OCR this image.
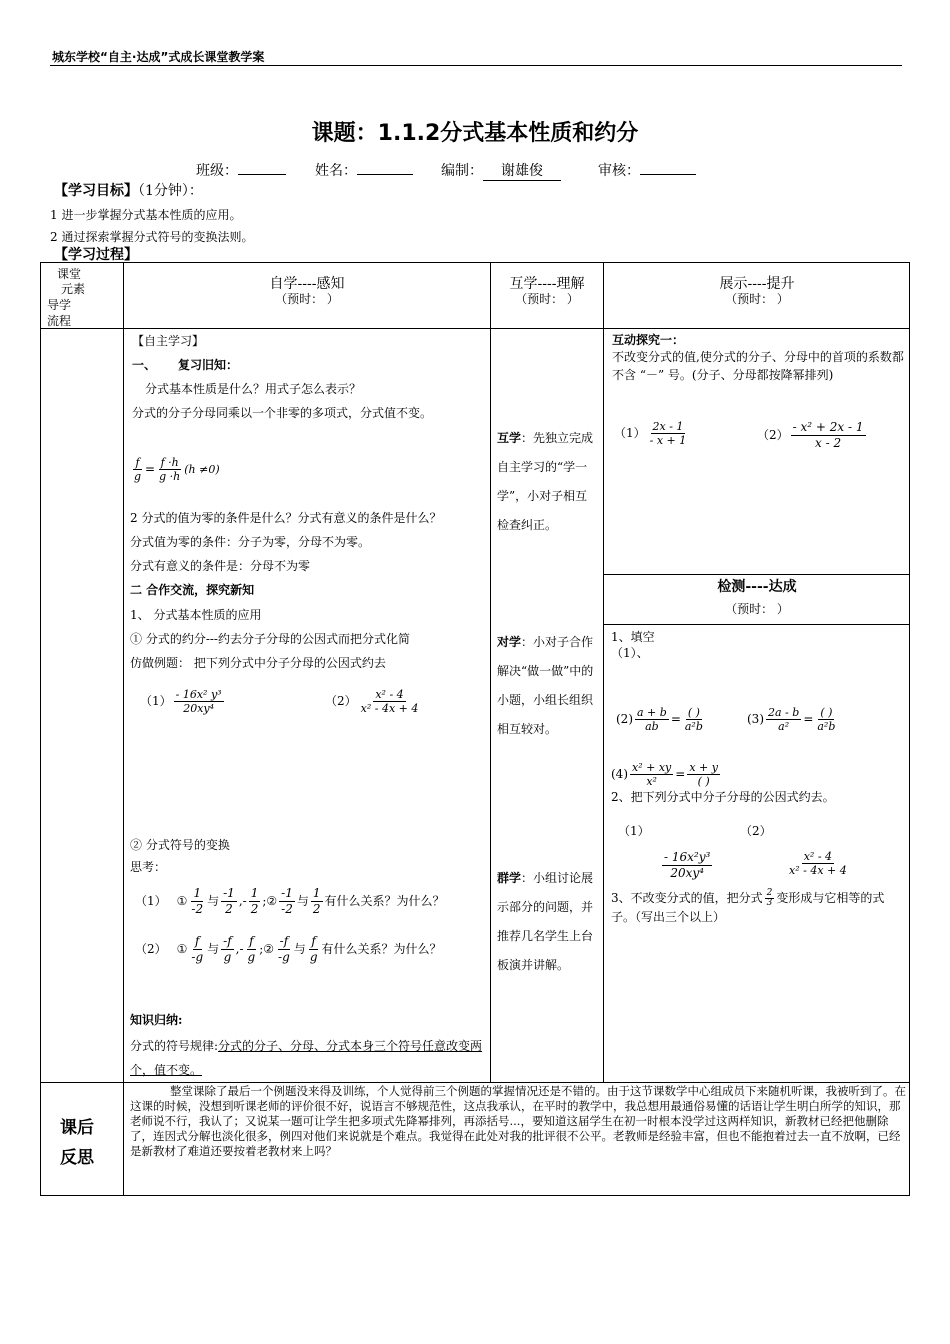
城东学校“自主·达成”式成长课堂教学案
课题：1.1.2分式基本性质和约分
班级：	姓名：	编制： 谢雄俊	审核：
【学习目标】（1分钟）：
1 进一步掌握分式基本性质的应用。
2 通过探索掌握分式符号的变换法则。
【学习过程】
课堂
元素
导学
流程
自学----感知
（预时： ）
互学----理解
（预时： ）
展示----提升
（预时： ）
【自主学习】
一、 复习旧知：
分式基本性质是什么？用式子怎么表示？
分式的分子分母同乘以一个非零的多项式，分式值不变。
$\frac{f}{g} = \frac{f \cdot h}{g \cdot h} (h \ne 0)$
2 分式的值为零的条件是什么？分式有意义的条件是什么？
分式值为零的条件：分子为零，分母不为零。
分式有意义的条件是：分母不为零
二 合作交流，探究新知
1、 分式基本性质的应用
① 分式的约分---约去分子分母的公因式而把分式化简
仿做例题： 把下列分式中分子分母的公因式约去
$(1) \frac{\text{- 16x² y³}}{\text{20xy⁴}}$	$(2) \frac{\text{x² - 4}}{\text{x² - 4x + 4}}$
② 分式符号的变换
思考：
（1） ① $\frac{1}{-2}$ 与 $\frac{-1}{2}$ ,- $\frac{1}{2}$ ;② $\frac{-1}{-2}$ 与 $\frac{1}{2}$ 有什么关系？为什么？
（2） ① $\frac{f}{-g}$ 与 $\frac{-f}{g}$ ,- $\frac{f}{g}$ ;② $\frac{-f}{-g}$ 与 $\frac{f}{g}$ 有什么关系？为什么？
知识归纳:
分式的符号规律:分式的分子、分母、分式本身三个符号任意改变两个，值不变。
互学：先独立完成自主学习的“学一学”，小对子相互检查纠正。
对学：小对子合作解决“做一做”中的小题，小组长组织相互较对。
群学：小组讨论展示部分的问题，并推荐几名学生上台板演并讲解。
互动探究一：
不改变分式的值,使分式的分子、分母中的首项的系数都不含 “－” 号。(分子、分母都按降幂排列)
$(1) \frac{2x - 1}{- x + 1}$	$(2) \frac{\text{- x² + 2x - 1}}{x - 2}$
检测----达成
（预时： ）
1、填空
（1）、
$(2) \frac{a + b}{ab} = \frac{( )}{\text{a²b}}$	$(3) \frac{2a - b}{\text{a²}} = \frac{( )}{\text{a²b}}$
$(4) \frac{\text{x² + xy}}{\text{x²}} = \frac{x + y}{( )}$
2、把下列分式中分子分母的公因式约去。
（1）	（2）
$\frac{\text{- 16x²y³}}{\text{20xy⁴}}$	$\frac{\text{x² - 4}}{\text{x² - 4x + 4}}$
3、不改变分式的值，把分式 $\frac{2}{3}$ 变形成与它相等的式子。（写出三个以上）
课后
反思
整堂课除了最后一个例题没来得及训练，个人觉得前三个例题的掌握情况还是不错的。由于这节课数学中心组成员下来随机听课，我被听到了。在这课的时候，没想到听课老师的评价很不好，说语言不够规范性，这点我承认，在平时的教学中，我总想用最通俗易懂的话语让学生明白所学的知识，那老师说不行，我认了；又说某一题可让学生把多项式先降幂排列，再添括号...，要知道这届学生在初一时根本没学过这两样知识，新教材已经把他删除了，连因式分解也淡化很多，例四对他们来说就是个难点。我觉得在此处对我的批评很不公平。老教师是经验丰富，但也不能抱着过去一直不放啊，已经是新教材了难道还要按着老教材来上吗？
